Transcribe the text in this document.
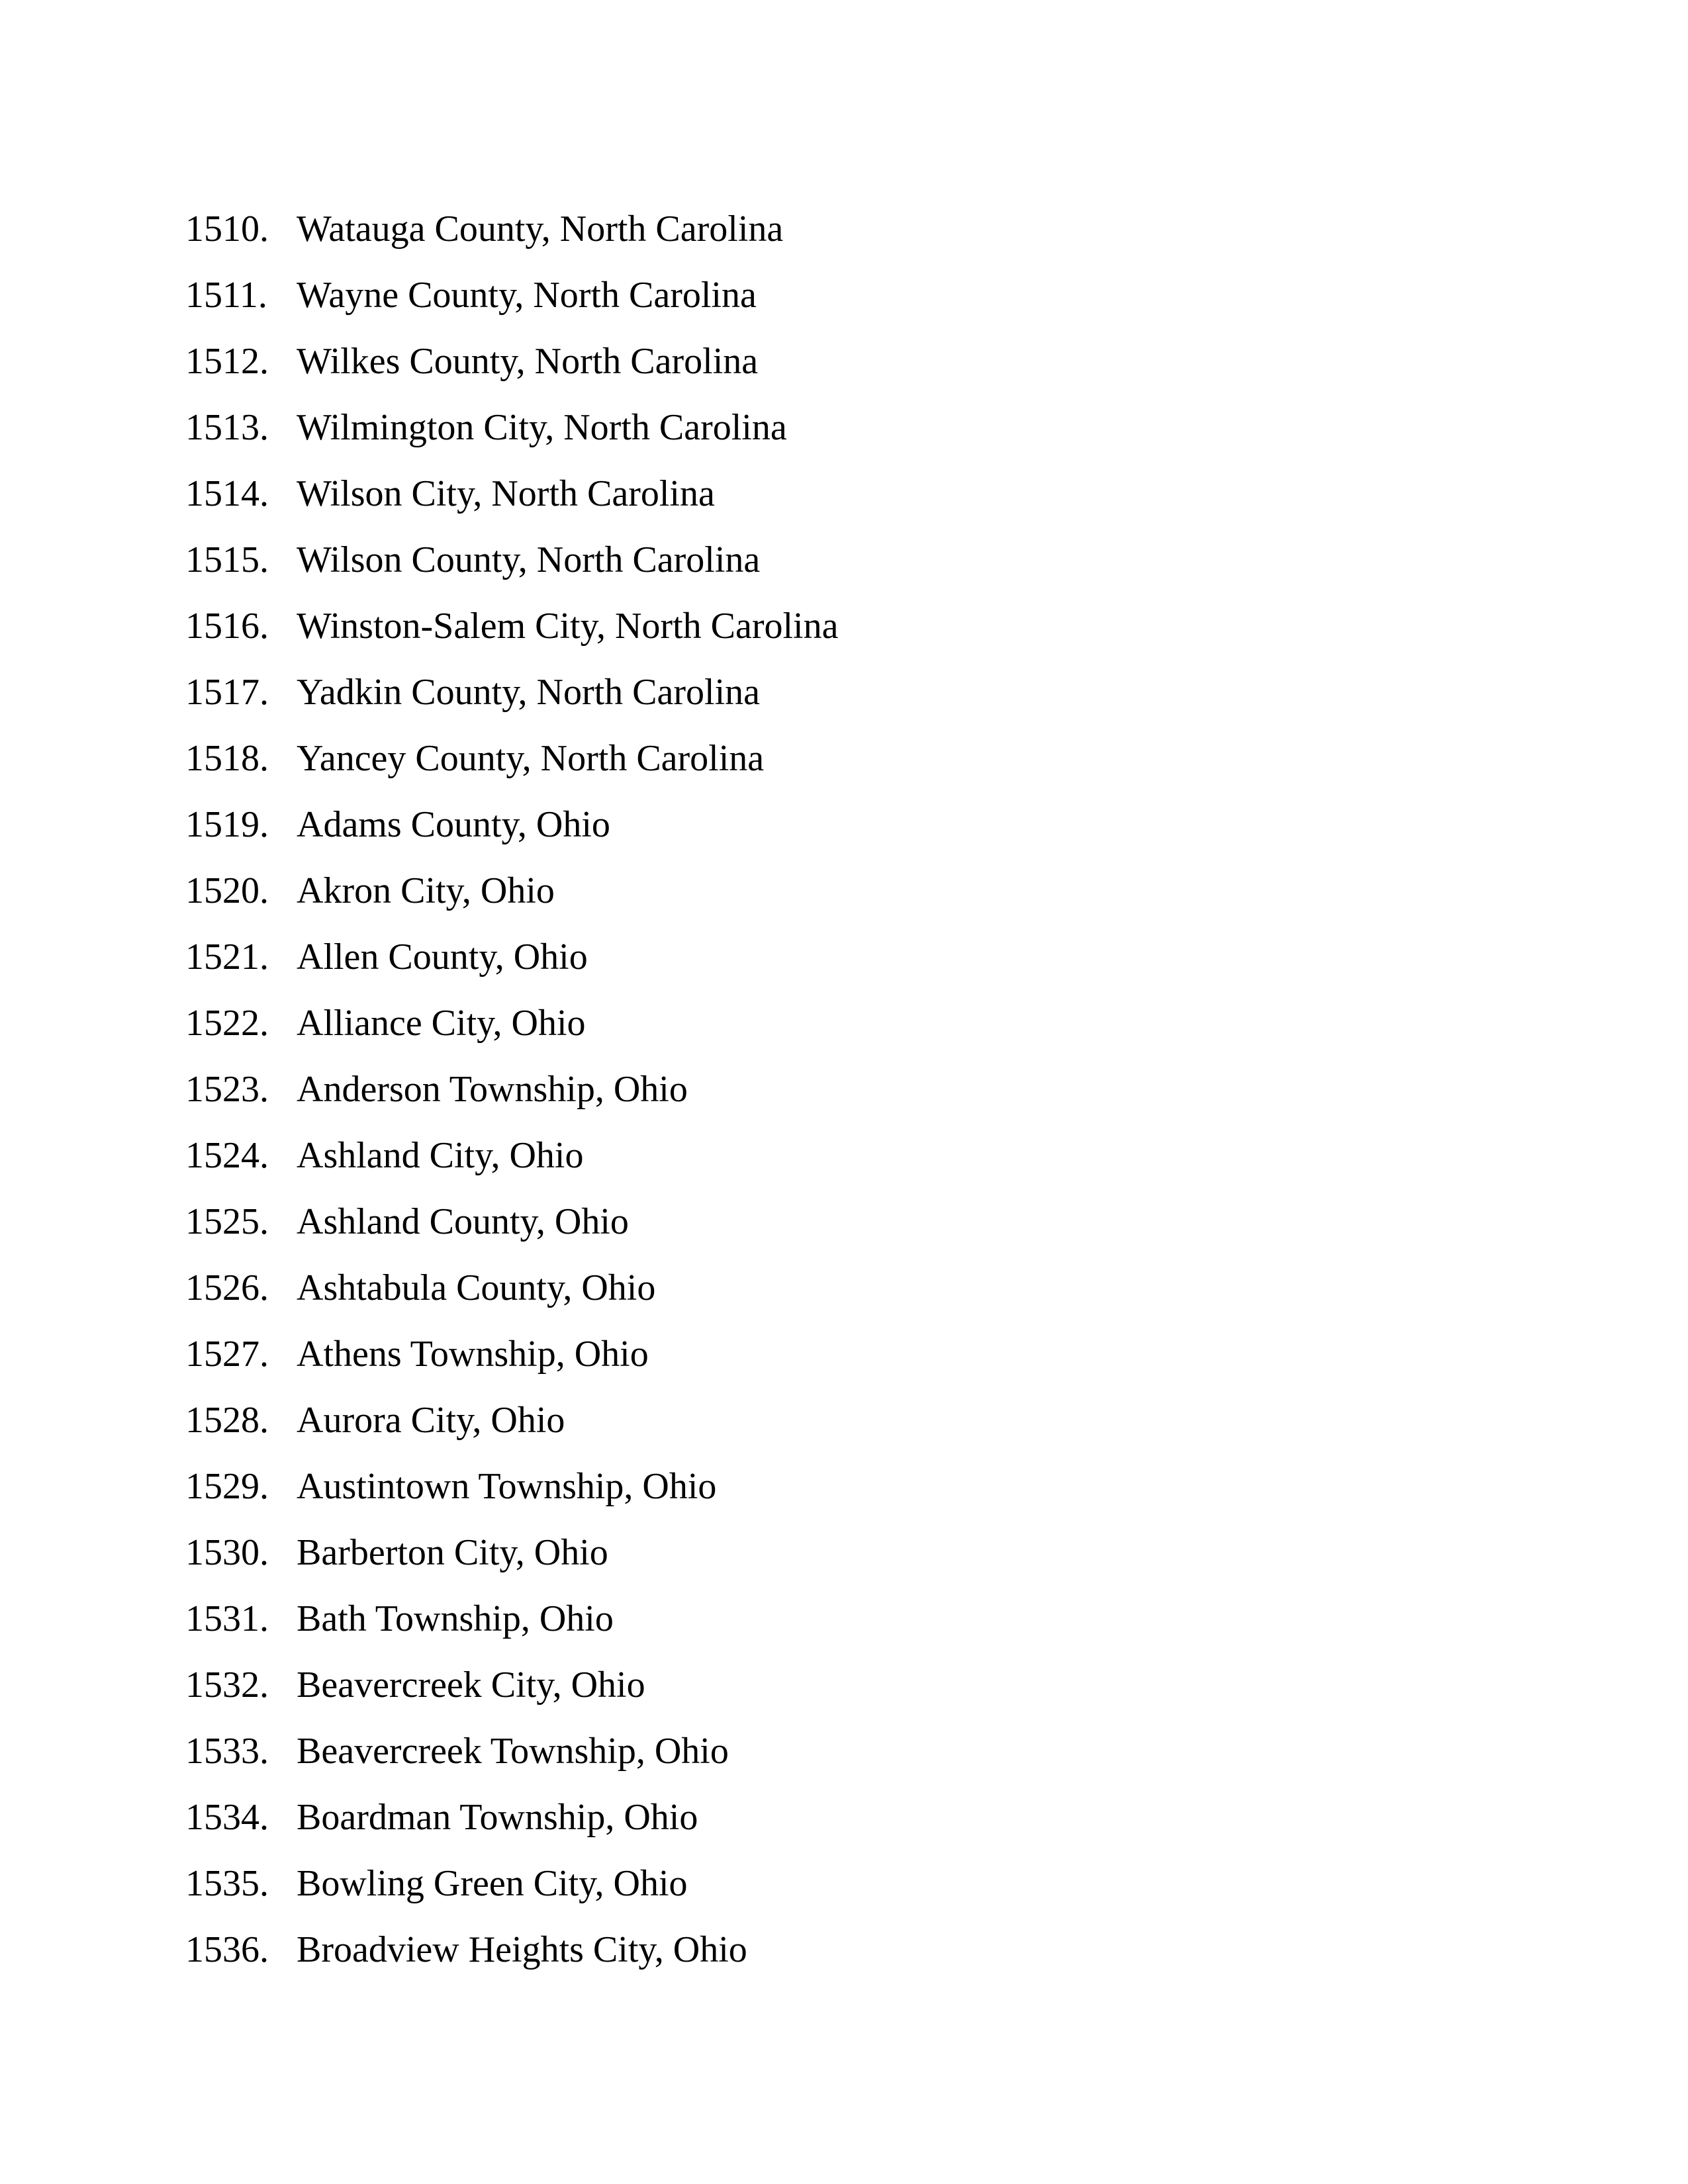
1510. Watauga County, North Carolina
1511. Wayne County, North Carolina
1512. Wilkes County, North Carolina
1513. Wilmington City, North Carolina
1514. Wilson City, North Carolina
1515. Wilson County, North Carolina
1516. Winston-Salem City, North Carolina
1517. Yadkin County, North Carolina
1518. Yancey County, North Carolina
1519. Adams County, Ohio
1520. Akron City, Ohio
1521. Allen County, Ohio
1522. Alliance City, Ohio
1523. Anderson Township, Ohio
1524. Ashland City, Ohio
1525. Ashland County, Ohio
1526. Ashtabula County, Ohio
1527. Athens Township, Ohio
1528. Aurora City, Ohio
1529. Austintown Township, Ohio
1530. Barberton City, Ohio
1531. Bath Township, Ohio
1532. Beavercreek City, Ohio
1533. Beavercreek Township, Ohio
1534. Boardman Township, Ohio
1535. Bowling Green City, Ohio
1536. Broadview Heights City, Ohio
